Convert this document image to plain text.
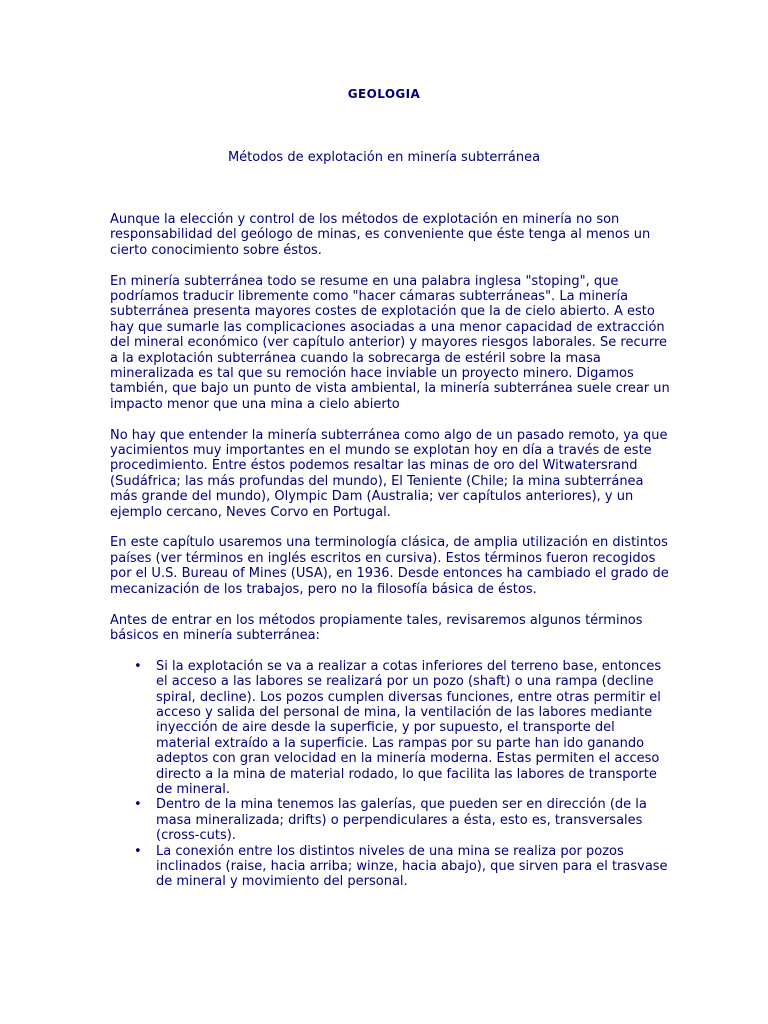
GEOLOGIA
Métodos de explotación en minería subterránea

Aunque la elección y control de los métodos de explotación en minería no son responsabilidad del geólogo de minas, es conveniente que éste tenga al menos un cierto conocimiento sobre éstos.

En minería subterránea todo se resume en una palabra inglesa "stoping", que podríamos traducir libremente como "hacer cámaras subterráneas". La minería subterránea presenta mayores costes de explotación que la de cielo abierto. A esto hay que sumarle las complicaciones asociadas a una menor capacidad de extracción del mineral económico (ver capítulo anterior) y mayores riesgos laborales. Se recurre a la explotación subterránea cuando la sobrecarga de estéril sobre la masa mineralizada es tal que su remoción hace inviable un proyecto minero. Digamos también, que bajo un punto de vista ambiental, la minería subterránea suele crear un impacto menor que una mina a cielo abierto

No hay que entender la minería subterránea como algo de un pasado remoto, ya que yacimientos muy importantes en el mundo se explotan hoy en día a través de este procedimiento. Entre éstos podemos resaltar las minas de oro del Witwatersrand (Sudáfrica; las más profundas del mundo), El Teniente (Chile; la mina subterránea más grande del mundo), Olympic Dam (Australia; ver capítulos anteriores), y un ejemplo cercano, Neves Corvo en Portugal.

En este capítulo usaremos una terminología clásica, de amplia utilización en distintos países (ver términos en inglés escritos en cursiva). Estos términos fueron recogidos por el U.S. Bureau of Mines (USA), en 1936. Desde entonces ha cambiado el grado de mecanización de los trabajos, pero no la filosofía básica de éstos.

Antes de entrar en los métodos propiamente tales, revisaremos algunos términos básicos en minería subterránea:

• Si la explotación se va a realizar a cotas inferiores del terreno base, entonces el acceso a las labores se realizará por un pozo (shaft) o una rampa (decline spiral, decline). Los pozos cumplen diversas funciones, entre otras permitir el acceso y salida del personal de mina, la ventilación de las labores mediante inyección de aire desde la superficie, y por supuesto, el transporte del material extraído a la superficie. Las rampas por su parte han ido ganando adeptos con gran velocidad en la minería moderna. Estas permiten el acceso directo a la mina de material rodado, lo que facilita las labores de transporte de mineral.
• Dentro de la mina tenemos las galerías, que pueden ser en dirección (de la masa mineralizada; drifts) o perpendiculares a ésta, esto es, transversales (cross-cuts).
• La conexión entre los distintos niveles de una mina se realiza por pozos inclinados (raise, hacia arriba; winze, hacia abajo), que sirven para el trasvase de mineral y movimiento del personal.
